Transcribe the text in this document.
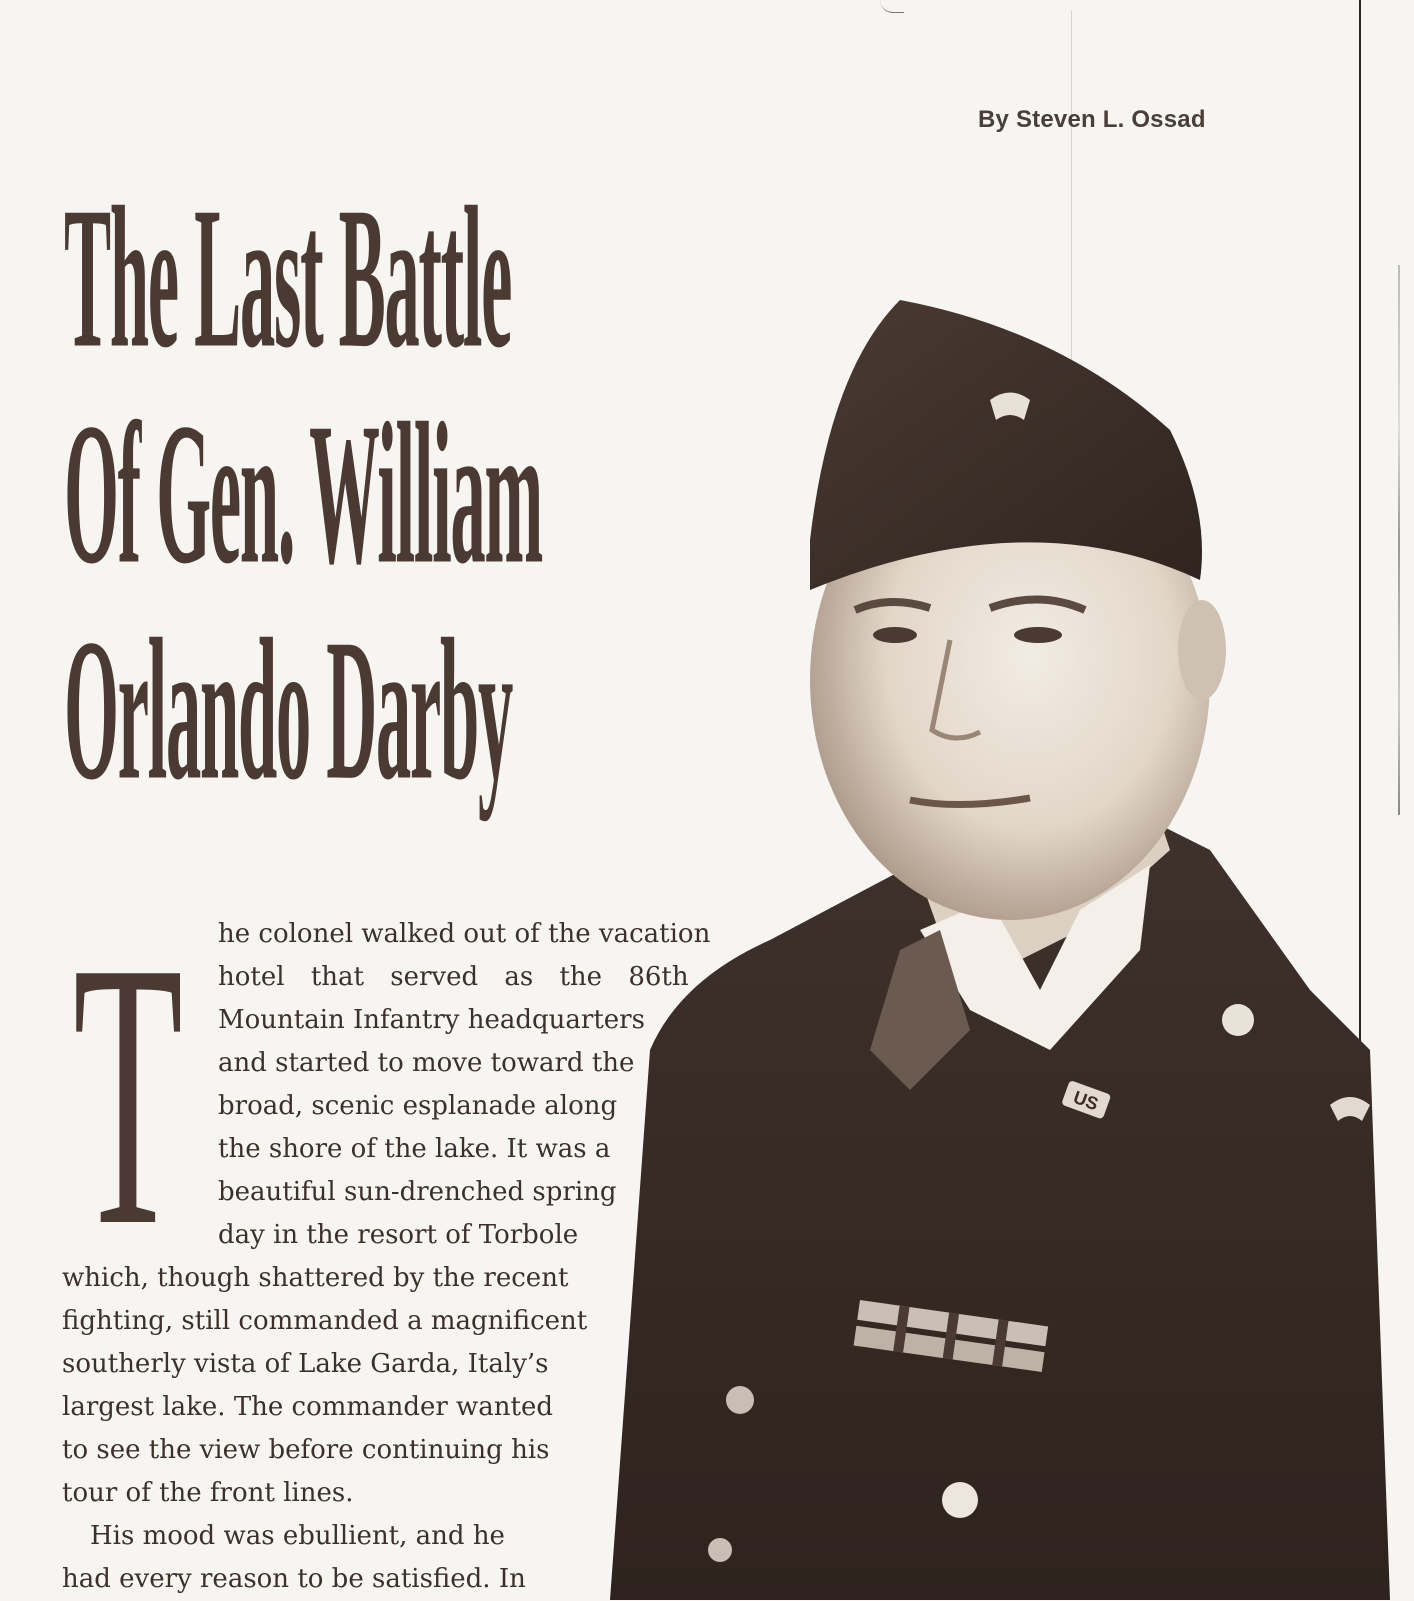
By Steven L. Ossad
The Last Battle
Of Gen. William
Orlando Darby
US
T	he colonel walked out of the vacation
hotel that served as the 86th
Mountain Infantry headquarters
and started to move toward the
broad, scenic esplanade along
the shore of the lake. It was a
beautiful sun-drenched spring
day in the resort of Torbole
which, though shattered by the recent
fighting, still commanded a magnificent
southerly vista of Lake Garda, Italy’s
largest lake. The commander wanted
to see the view before continuing his
tour of the front lines.
His mood was ebullient, and he
had every reason to be satisfied. In
